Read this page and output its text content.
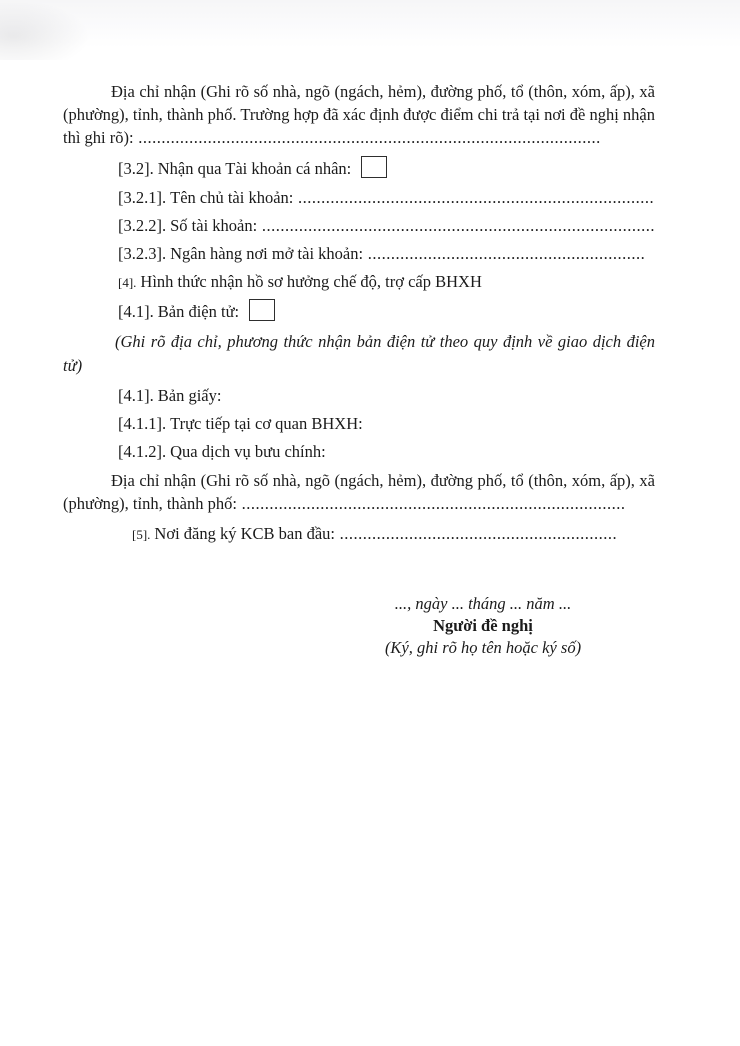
Địa chỉ nhận (Ghi rõ số nhà, ngõ (ngách, hẻm), đường phố, tổ (thôn, xóm, ấp), xã (phường), tỉnh, thành phố. Trường hợp đã xác định được điểm chi trả tại nơi đề nghị nhận thì ghi rõ): ....................................................................................................

[3.2]. Nhận qua Tài khoản cá nhân:
[3.2.1]. Tên chủ tài khoản: .............................................................................
[3.2.2]. Số tài khoản: .....................................................................................
[3.2.3]. Ngân hàng nơi mở tài khoản: ............................................................
[4]. Hình thức nhận hồ sơ hưởng chế độ, trợ cấp BHXH
[4.1]. Bản điện tử:

(Ghi rõ địa chỉ, phương thức nhận bản điện tử theo quy định về giao dịch điện tử)

[4.1]. Bản giấy:
[4.1.1]. Trực tiếp tại cơ quan BHXH:
[4.1.2]. Qua dịch vụ bưu chính:

Địa chỉ nhận (Ghi rõ số nhà, ngõ (ngách, hẻm), đường phố, tổ (thôn, xóm, ấp), xã (phường), tỉnh, thành phố: ...................................................................................

[5]. Nơi đăng ký KCB ban đầu: ............................................................
..., ngày ... tháng ... năm ...
Người đề nghị
(Ký, ghi rõ họ tên hoặc ký số)
